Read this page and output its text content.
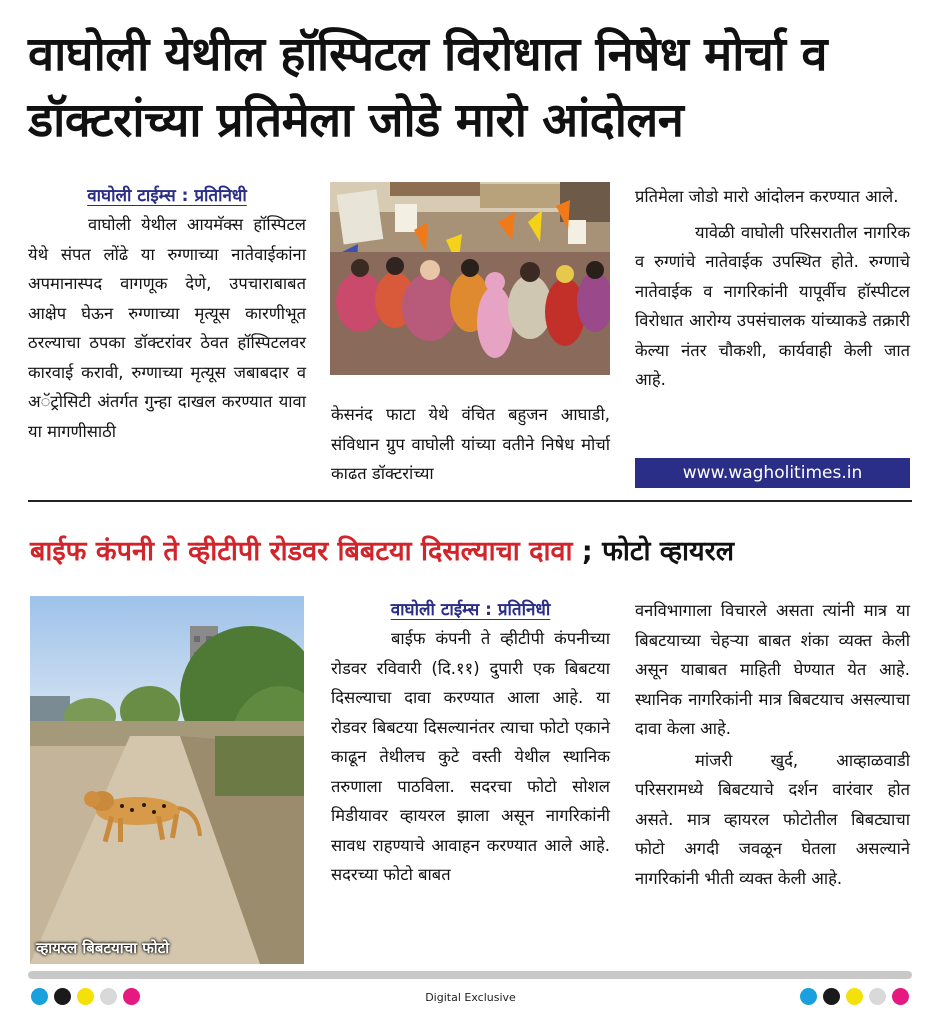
वाघोली येथील हॉस्पिटल विरोधात निषेध मोर्चा व डॉक्टरांच्या प्रतिमेला जोडे मारो आंदोलन
वाघोली टाईम्स : प्रतिनिधी

वाघोली येथील आयमॅक्स हॉस्पिटल येथे संपत लोंढे या रुग्णाच्या नातेवाईकांना अपमानास्पद वागणूक देणे, उपचाराबाबत आक्षेप घेऊन रुग्णाच्या मृत्यूस कारणीभूत ठरल्याचा ठपका डॉक्टरांवर ठेवत हॉस्पिटलवर कारवाई करावी, रुग्णाच्या मृत्यूस जबाबदार व अॅट्रोसिटी अंतर्गत गुन्हा दाखल करण्यात यावा या मागणीसाठी

केसनंद फाटा येथे वंचित बहुजन आघाडी, संविधान ग्रुप वाघोली यांच्या वतीने निषेध मोर्चा काढत डॉक्टरांच्या

प्रतिमेला जोडो मारो आंदोलन करण्यात आले.

यावेळी वाघोली परिसरातील नागरिक व रुग्णांचे नातेवाईक उपस्थित होते. रुग्णाचे नातेवाईक व नागरिकांनी यापूर्वीच हॉस्पीटल विरोधात आरोग्य उपसंचालक यांच्याकडे तक्रारी केल्या नंतर चौकशी, कार्यवाही केली जात आहे.

www.wagholitimes.in
बाईफ कंपनी ते व्हीटीपी रोडवर बिबटया दिसल्याचा दावा ; फोटो व्हायरल
व्हायरल बिबटयाचा फोटो
वाघोली टाईम्स : प्रतिनिधी

बाईफ कंपनी ते व्हीटीपी कंपनीच्या रोडवर रविवारी (दि.११) दुपारी एक बिबटया दिसल्याचा दावा करण्यात आला आहे. या रोडवर बिबटया दिसल्यानंतर त्याचा फोटो एकाने काढून तेथीलच कुटे वस्ती येथील स्थानिक तरुणाला पाठविला. सदरचा फोटो सोशल मिडीयावर व्हायरल झाला असून नागरिकांनी सावध राहण्याचे आवाहन करण्यात आले आहे. सदरच्या फोटो बाबत

वनविभागाला विचारले असता त्यांनी मात्र या बिबटयाच्या चेहऱ्या बाबत शंका व्यक्त केली असून याबाबत माहिती घेण्यात येत आहे. स्थानिक नागरिकांनी मात्र बिबटयाच असल्याचा दावा केला आहे.

मांजरी खुर्द, आव्हाळवाडी परिसरामध्ये बिबटयाचे दर्शन वारंवार होत असते. मात्र व्हायरल फोटोतील बिबट्याचा फोटो अगदी जवळून घेतला असल्याने नागरिकांनी भीती व्यक्त केली आहे.

Digital Exclusive
